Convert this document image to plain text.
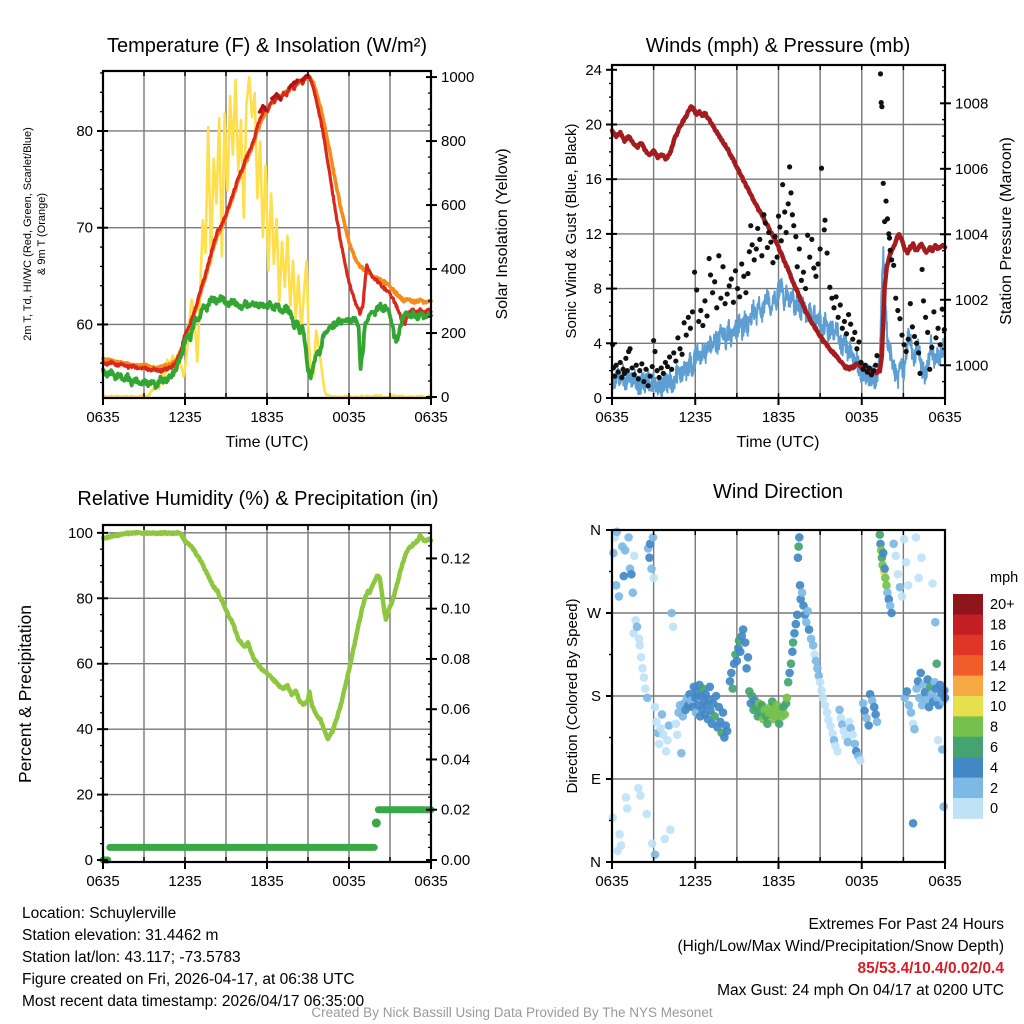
0635	1235	1835	0035	0635
60
70
80
0
200
400
600
800
1000
0635	1235	1835	0035	0635
0
4
8
12
16
20
24
1000
1002
1004
1006
1008
0635	1235	1835	0035	0635
0
20
40
60
80
100
0.00
0.02
0.04
0.06
0.08
0.10
0.12
0635	1235	1835	0035	0635
N
W
S
E
N
20+
18
16
14
12
10
8
6
4
2
0
Temperature (F) & Insolation (W/m²)	Winds (mph) & Pressure (mb)
Relative Humidity (%) & Precipitation (in)	Wind Direction
2m T, Td, HI/WC (Red, Green, Scarlet/Blue) & 9m T (Orange)	Solar Insolation (Yellow)
Time (UTC)
Sonic Wind & Gust (Blue, Black)	Station Pressure (Maroon)
Time (UTC)
Percent & Precipitation	Direction (Colored By Speed)
mph
Location: Schuylerville
Station elevation: 31.4462 m
Station lat/lon: 43.117; -73.5783
Figure created on Fri, 2026-04-17, at 06:38 UTC
Most recent data timestamp: 2026/04/17 06:35:00
Extremes For Past 24 Hours
(High/Low/Max Wind/Precipitation/Snow Depth)
85/53.4/10.4/0.02/0.4
Max Gust: 24 mph On 04/17 at 0200 UTC
Created By Nick Bassill Using Data Provided By The NYS Mesonet
